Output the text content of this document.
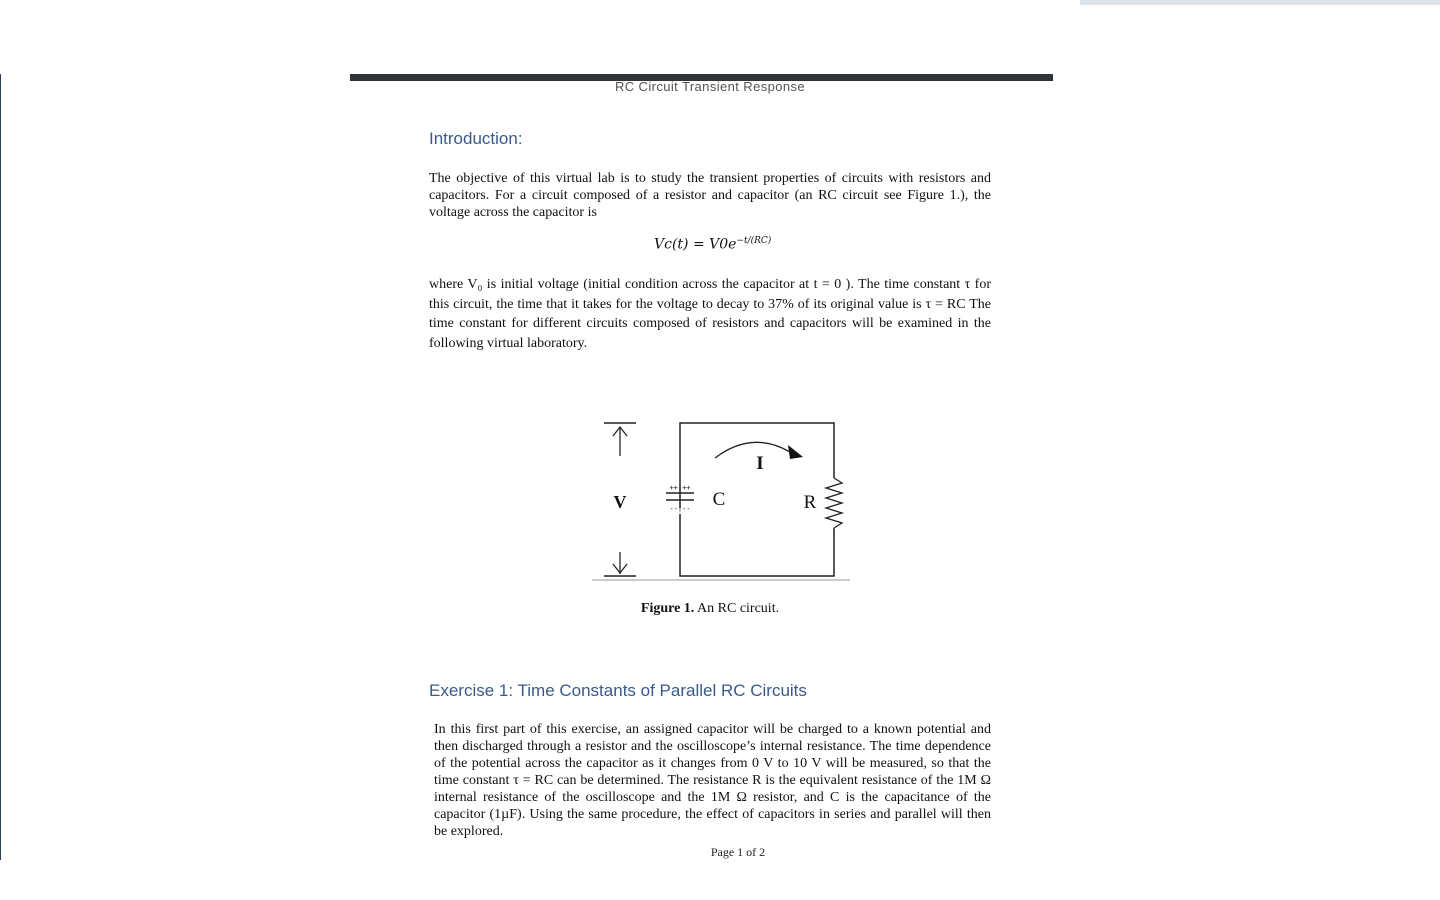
RC Circuit Transient Response
Introduction:
The objective of this virtual lab is to study the transient properties of circuits with resistors and capacitors. For a circuit composed of a resistor and capacitor (an RC circuit see Figure 1.), the voltage across the capacitor is
$Vc(t) = V0e^{-t/(RC)}$
where V₀ is initial voltage (initial condition across the capacitor at t = 0 ). The time constant τ for this circuit, the time that it takes for the voltage to decay to 37% of its original value is τ = RC The time constant for different circuits composed of resistors and capacitors will be examined in the following virtual laboratory.
V
++|++
--|-- C	R
I
Figure 1. An RC circuit.
Exercise 1: Time Constants of Parallel RC Circuits
In this first part of this exercise, an assigned capacitor will be charged to a known potential and then discharged through a resistor and the oscilloscope’s internal resistance. The time dependence of the potential across the capacitor as it changes from 0 V to 10 V will be measured, so that the time constant τ = RC can be determined. The resistance R is the equivalent resistance of the 1M Ω internal resistance of the oscilloscope and the 1M Ω resistor, and C is the capacitance of the capacitor (1µF). Using the same procedure, the effect of capacitors in series and parallel will then be explored.
Page 1 of 2
